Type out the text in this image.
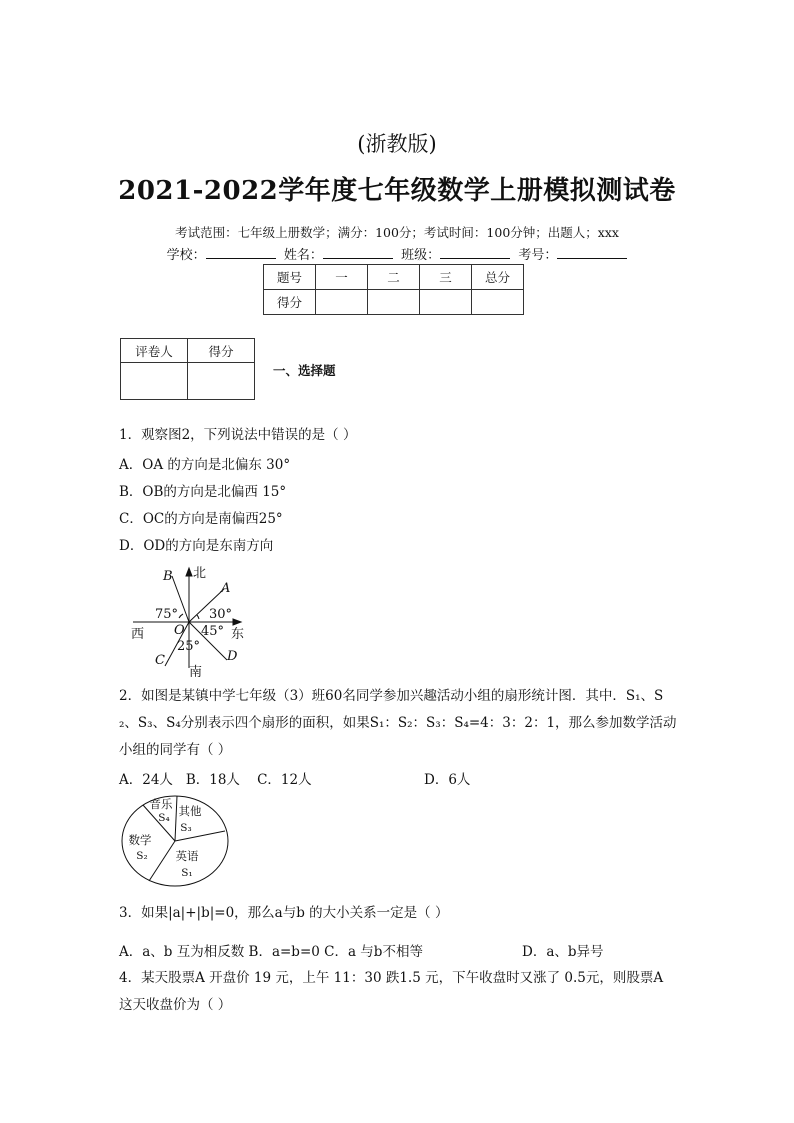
(浙教版)
2021-2022学年度七年级数学上册模拟测试卷
考试范围：七年级上册数学；满分：100分；考试时间：100分钟；出题人；xxx
学校：	姓名：	班级：	考号：
题号	一	二	三	总分
得分				
评卷人	得分

一、选择题
1．观察图2，下列说法中错误的是（ ）
A．OA 的方向是北偏东 30°
B．OB的方向是北偏西 15°
C．OC的方向是南偏西25°
D．OD的方向是东南方向
北
南
东
西
B
A
C	D
O
75° 30°
45°
25°
2．如图是某镇中学七年级（3）班60名同学参加兴趣活动小组的扇形统计图．其中．S₁、S
₂、S₃、S₄分别表示四个扇形的面积，如果S₁：S₂：S₃：S₄=4：3：2：1，那么参加数学活动
小组的同学有（ ）
A．24人 B．18人 C．12人	D．6人
音乐
S₄ 其他
S₃
数学
S₂ 英语
S₁
3．如果|a|+|b|=0，那么a与b 的大小关系一定是（ ）
A．a、b 互为相反数 B．a=b=0 C．a 与b不相等	D．a、b异号
4．某天股票A 开盘价 19 元，上午 11：30 跌1.5 元，下午收盘时又涨了 0.5元，则股票A
这天收盘价为（ ）
